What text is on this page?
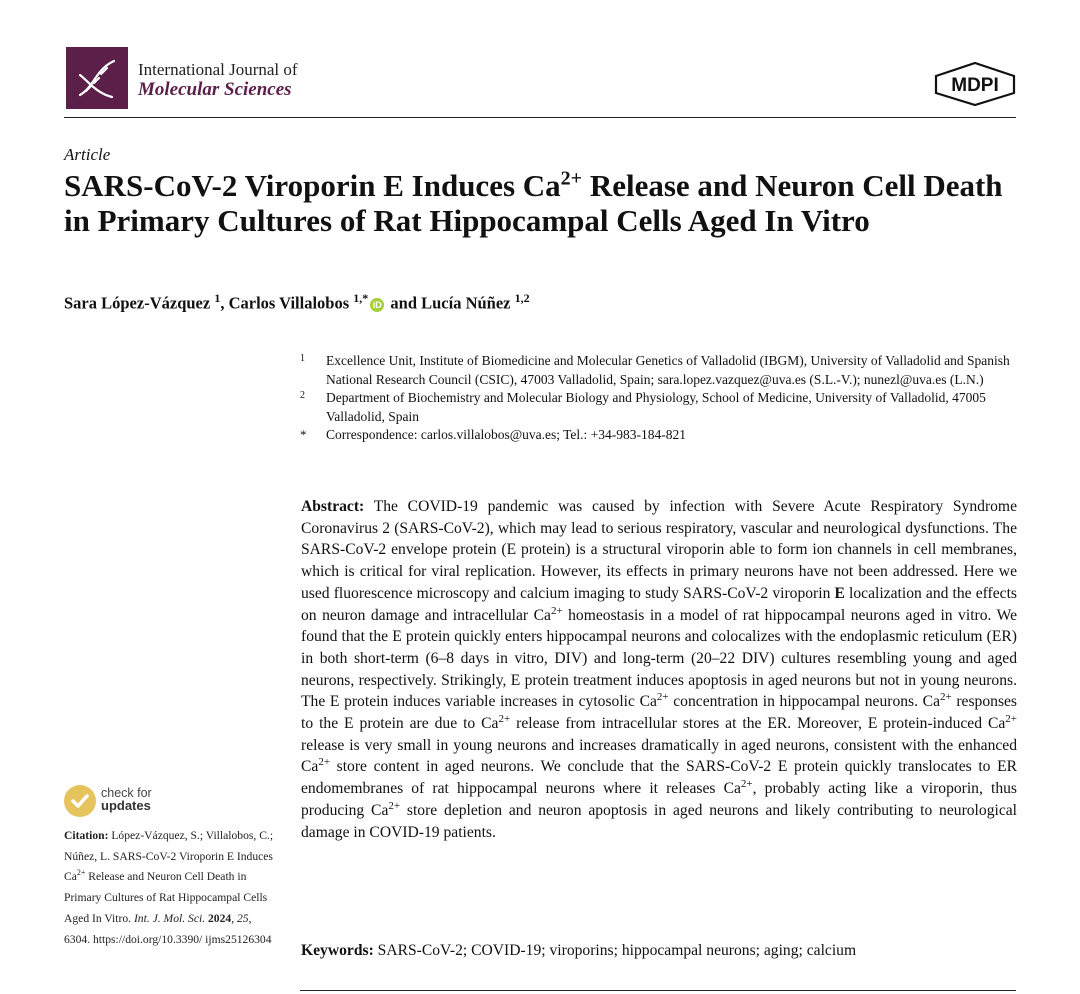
International Journal of
Molecular Sciences	MDPI
Article
SARS-CoV-2 Viroporin E Induces $Ca^{2+}$ Release and Neuron Cell Death in Primary Cultures of Rat Hippocampal Cells Aged In Vitro
Sara López-Vázquez $^1$, Carlos Villalobos $^{1,*}$ iD and Lucía Núñez $^{1,2}$
1	Excellence Unit, Institute of Biomedicine and Molecular Genetics of Valladolid (IBGM), University of Valladolid and Spanish National Research Council (CSIC), 47003 Valladolid, Spain; sara.lopez.vazquez@uva.es (S.L.-V.); nunezl@uva.es (L.N.)
2	Department of Biochemistry and Molecular Biology and Physiology, School of Medicine, University of Valladolid, 47005 Valladolid, Spain
*	Correspondence: carlos.villalobos@uva.es; Tel.: +34-983-184-821

Abstract: The COVID-19 pandemic was caused by infection with Severe Acute Respiratory Syndrome Coronavirus 2 (SARS-CoV-2), which may lead to serious respiratory, vascular and neurological dysfunctions. The SARS-CoV-2 envelope protein (E protein) is a structural viroporin able to form ion channels in cell membranes, which is critical for viral replication. However, its effects in primary neurons have not been addressed. Here we used fluorescence microscopy and calcium imaging to study SARS-CoV-2 viroporin E localization and the effects on neuron damage and intracellular $Ca^{2+}$ homeostasis in a model of rat hippocampal neurons aged in vitro. We found that the E protein quickly enters hippocampal neurons and colocalizes with the endoplasmic reticulum (ER) in both short-term (6–8 days in vitro, DIV) and long-term (20–22 DIV) cultures resembling young and aged neurons, respectively. Strikingly, E protein treatment induces apoptosis in aged neurons but not in young neurons. The E protein induces variable increases in cytosolic $Ca^{2+}$ concentration in hippocampal neurons. $Ca^{2+}$ responses to the E protein are due to $Ca^{2+}$ release from intracellular stores at the ER. Moreover, E protein-induced $Ca^{2+}$ release is very small in young neurons and increases dramatically in aged neurons, consistent with the enhanced $Ca^{2+}$ store content in aged neurons. We conclude that the SARS-CoV-2 E protein quickly translocates to ER endomembranes of rat hippocampal neurons where it releases $Ca^{2+}$, probably acting like a viroporin, thus producing $Ca^{2+}$ store depletion and neuron apoptosis in aged neurons and likely contributing to neurological damage in COVID-19 patients.

Keywords: SARS-CoV-2; COVID-19; viroporins; hippocampal neurons; aging; calcium
check for
updates
Citation: López-Vázquez, S.; Villalobos, C.; Núñez, L. SARS-CoV-2 Viroporin E Induces $Ca^{2+}$ Release and Neuron Cell Death in Primary Cultures of Rat Hippocampal Cells Aged In Vitro. Int. J. Mol. Sci. 2024, 25, 6304. https://doi.org/10.3390/ ijms25126304
